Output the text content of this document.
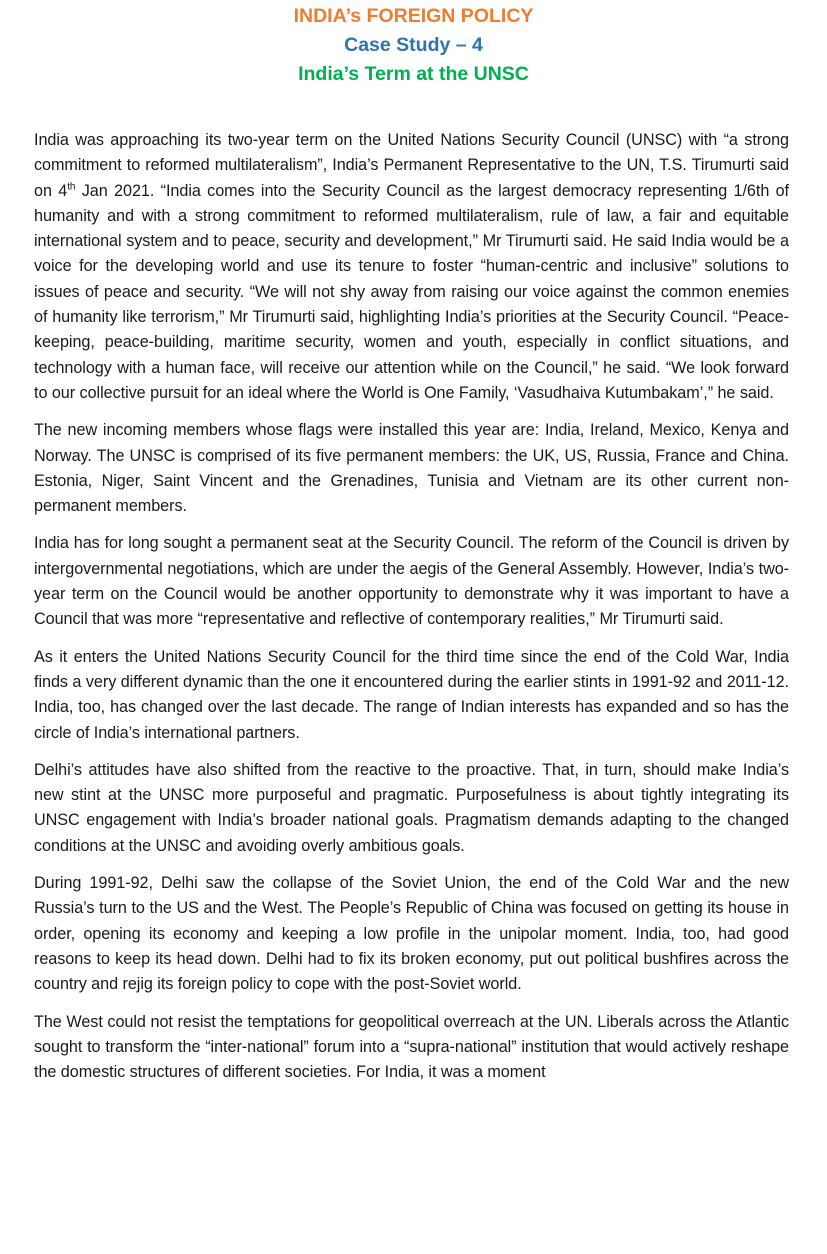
INDIA’s FOREIGN POLICY

Case Study – 4

India’s Term at the UNSC

India was approaching its two-year term on the United Nations Security Council (UNSC) with “a strong commitment to reformed multilateralism”, India’s Permanent Representative to the UN, T.S. Tirumurti said on 4th Jan 2021. “India comes into the Security Council as the largest democracy representing 1/6th of humanity and with a strong commitment to reformed multilateralism, rule of law, a fair and equitable international system and to peace, security and development,” Mr Tirumurti said. He said India would be a voice for the developing world and use its tenure to foster “human-centric and inclusive” solutions to issues of peace and security. “We will not shy away from raising our voice against the common enemies of humanity like terrorism,” Mr Tirumurti said, highlighting India’s priorities at the Security Council. “Peace-keeping, peace-building, maritime security, women and youth, especially in conflict situations, and technology with a human face, will receive our attention while on the Council,” he said. “We look forward to our collective pursuit for an ideal where the World is One Family, ‘Vasudhaiva Kutumbakam’,” he said.

The new incoming members whose flags were installed this year are: India, Ireland, Mexico, Kenya and Norway. The UNSC is comprised of its five permanent members: the UK, US, Russia, France and China. Estonia, Niger, Saint Vincent and the Grenadines, Tunisia and Vietnam are its other current non-permanent members.

India has for long sought a permanent seat at the Security Council. The reform of the Council is driven by intergovernmental negotiations, which are under the aegis of the General Assembly. However, India’s two-year term on the Council would be another opportunity to demonstrate why it was important to have a Council that was more “representative and reflective of contemporary realities,” Mr Tirumurti said.

As it enters the United Nations Security Council for the third time since the end of the Cold War, India finds a very different dynamic than the one it encountered during the earlier stints in 1991-92 and 2011-12. India, too, has changed over the last decade. The range of Indian interests has expanded and so has the circle of India’s international partners.

Delhi’s attitudes have also shifted from the reactive to the proactive. That, in turn, should make India’s new stint at the UNSC more purposeful and pragmatic. Purposefulness is about tightly integrating its UNSC engagement with India’s broader national goals. Pragmatism demands adapting to the changed conditions at the UNSC and avoiding overly ambitious goals.

During 1991-92, Delhi saw the collapse of the Soviet Union, the end of the Cold War and the new Russia’s turn to the US and the West. The People’s Republic of China was focused on getting its house in order, opening its economy and keeping a low profile in the unipolar moment. India, too, had good reasons to keep its head down. Delhi had to fix its broken economy, put out political bushfires across the country and rejig its foreign policy to cope with the post-Soviet world.

The West could not resist the temptations for geopolitical overreach at the UN. Liberals across the Atlantic sought to transform the “inter-national” forum into a “supra-national” institution that would actively reshape the domestic structures of different societies. For India, it was a moment
